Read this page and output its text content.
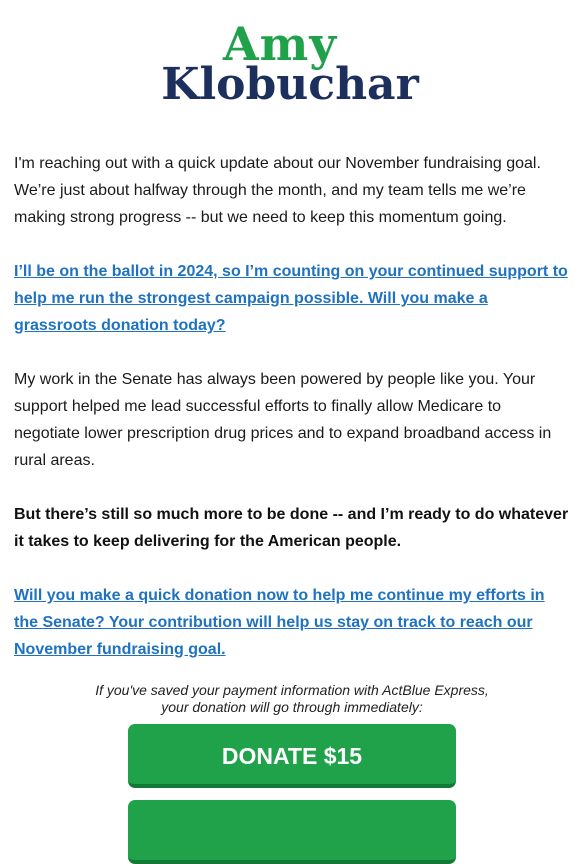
Amy
Klobuchar

I'm reaching out with a quick update about our November fundraising goal. We’re just about halfway through the month, and my team tells me we’re making strong progress -- but we need to keep this momentum going.

I’ll be on the ballot in 2024, so I’m counting on your continued support to help me run the strongest campaign possible. Will you make a grassroots donation today?

My work in the Senate has always been powered by people like you. Your support helped me lead successful efforts to finally allow Medicare to negotiate lower prescription drug prices and to expand broadband access in rural areas.

But there’s still so much more to be done -- and I’m ready to do whatever it takes to keep delivering for the American people.

Will you make a quick donation now to help me continue my efforts in the Senate? Your contribution will help us stay on track to reach our November fundraising goal.

If you've saved your payment information with ActBlue Express,
your donation will go through immediately:
DONATE $15
